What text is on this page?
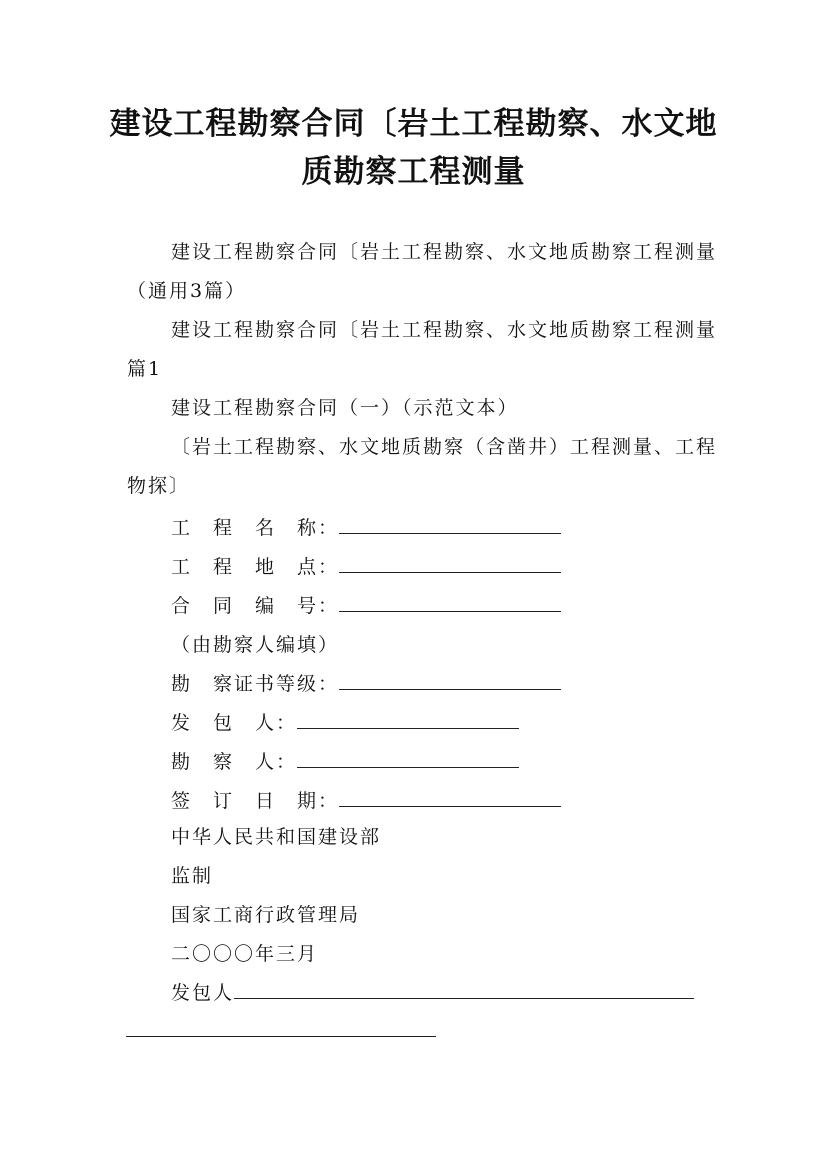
建设工程勘察合同〔岩土工程勘察、水文地质勘察工程测量
建设工程勘察合同〔岩土工程勘察、水文地质勘察工程测量（通用3篇）
建设工程勘察合同〔岩土工程勘察、水文地质勘察工程测量 篇1
建设工程勘察合同（一）（示范文本）
〔岩土工程勘察、水文地质勘察（含凿井）工程测量、工程物探〕
工　程　名　称：
工　程　地　点：
合　同　编　号：
（由勘察人编填）
勘　察证书等级：
发　包　人：
勘　察　人：
签　订　日　期：
中华人民共和国建设部
监制
国家工商行政管理局
二〇〇〇年三月
发包人
